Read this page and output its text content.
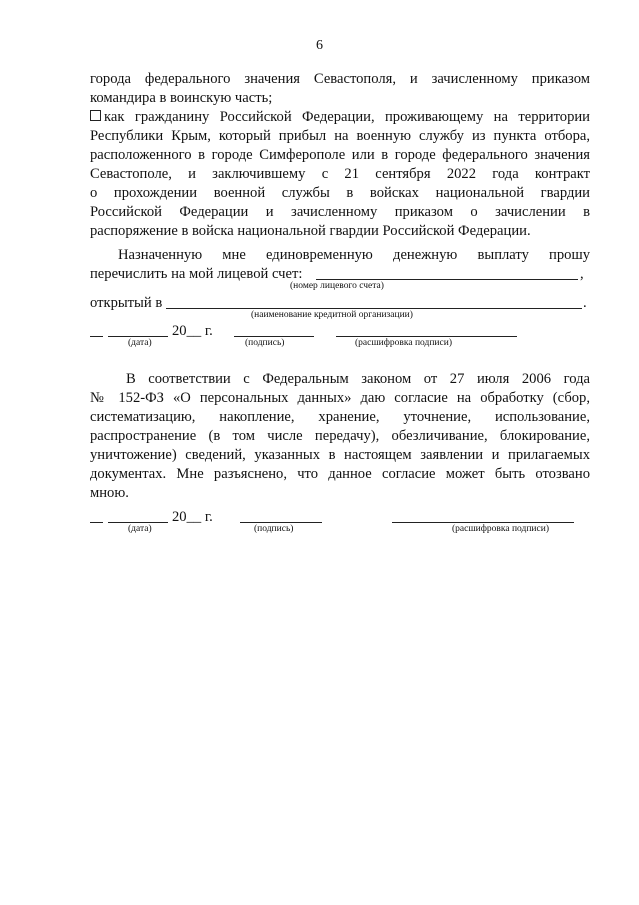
6
города федерального значения Севастополя, и зачисленному приказом
командира в воинскую часть;
как гражданину Российской Федерации, проживающему на территории
Республики Крым, который прибыл на военную службу из пункта отбора,
расположенного в городе Симферополе или в городе федерального значения
Севастополе, и заключившему с 21 сентября 2022 года контракт
о прохождении военной службы в войсках национальной гвардии
Российской Федерации и зачисленному приказом о зачислении в
распоряжение в войска национальной гвардии Российской Федерации.
Назначенную мне единовременную денежную выплату прошу
перечислить на мой лицевой счет:	,
(номер лицевого счета)
открытый в	.
(наименование кредитной организации)
20__ г.
(дата)	(подпись)	(расшифровка подписи)
В соответствии с Федеральным законом от 27 июля 2006 года
№ 152-ФЗ «О персональных данных» даю согласие на обработку (сбор,
систематизацию, накопление, хранение, уточнение, использование,
распространение (в том числе передачу), обезличивание, блокирование,
уничтожение) сведений, указанных в настоящем заявлении и прилагаемых
документах. Мне разъяснено, что данное согласие может быть отозвано
мною.
20__ г.
(дата)	(подпись)	(расшифровка подписи)
